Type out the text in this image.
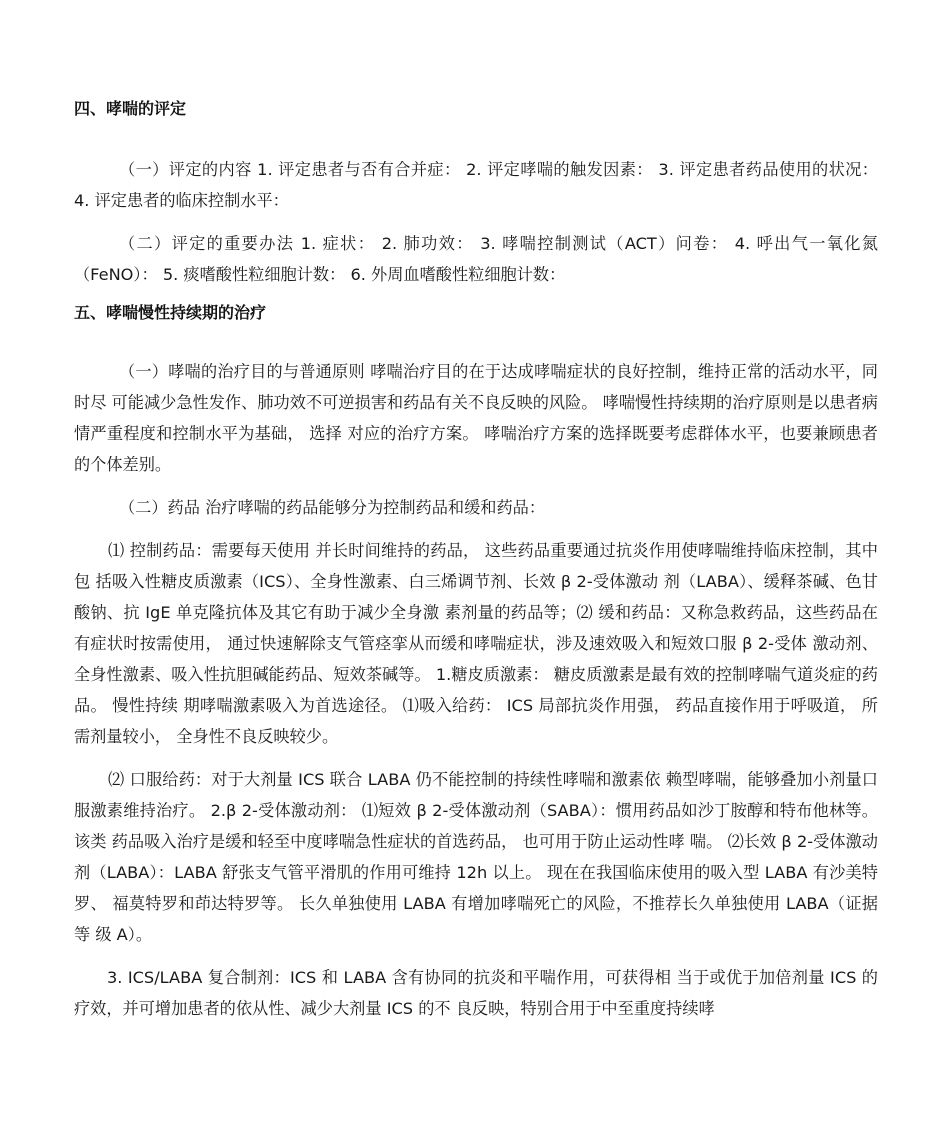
四、哮喘的评定

（一）评定的内容 1. 评定患者与否有合并症： 2. 评定哮喘的触发因素： 3. 评定患者药品使用的状况： 4. 评定患者的临床控制水平：

（二）评定的重要办法 1. 症状： 2. 肺功效： 3. 哮喘控制测试（ACT）问卷： 4. 呼出气一氧化氮（FeNO）： 5. 痰嗜酸性粒细胞计数： 6. 外周血嗜酸性粒细胞计数：

五、哮喘慢性持续期的治疗

（一）哮喘的治疗目的与普通原则 哮喘治疗目的在于达成哮喘症状的良好控制，维持正常的活动水平，同时尽 可能减少急性发作、肺功效不可逆损害和药品有关不良反映的风险。 哮喘慢性持续期的治疗原则是以患者病情严重程度和控制水平为基础， 选择 对应的治疗方案。 哮喘治疗方案的选择既要考虑群体水平，也要兼顾患者的个体差别。

（二）药品 治疗哮喘的药品能够分为控制药品和缓和药品：

⑴ 控制药品：需要每天使用 并长时间维持的药品， 这些药品重要通过抗炎作用使哮喘维持临床控制，其中包 括吸入性糖皮质激素（ICS）、全身性激素、白三烯调节剂、长效 β 2-受体激动 剂（LABA）、缓释茶碱、色甘酸钠、抗 IgE 单克隆抗体及其它有助于减少全身激 素剂量的药品等；⑵ 缓和药品：又称急救药品，这些药品在有症状时按需使用， 通过快速解除支气管痉挛从而缓和哮喘症状，涉及速效吸入和短效口服 β 2-受体 激动剂、全身性激素、吸入性抗胆碱能药品、短效茶碱等。 1.糖皮质激素： 糖皮质激素是最有效的控制哮喘气道炎症的药品。 慢性持续 期哮喘激素吸入为首选途径。 ⑴吸入给药： ICS 局部抗炎作用强， 药品直接作用于呼吸道， 所需剂量较小， 全身性不良反映较少。

⑵ 口服给药：对于大剂量 ICS 联合 LABA 仍不能控制的持续性哮喘和激素依 赖型哮喘，能够叠加小剂量口服激素维持治疗。 2.β 2-受体激动剂： ⑴短效 β 2-受体激动剂（SABA）：惯用药品如沙丁胺醇和特布他林等。该类 药品吸入治疗是缓和轻至中度哮喘急性症状的首选药品， 也可用于防止运动性哮 喘。 ⑵长效 β 2-受体激动剂（LABA）：LABA 舒张支气管平滑肌的作用可维持 12h 以上。 现在在我国临床使用的吸入型 LABA 有沙美特罗、 福莫特罗和茚达特罗等。 长久单独使用 LABA 有增加哮喘死亡的风险，不推荐长久单独使用 LABA（证据等 级 A）。

3. ICS/LABA 复合制剂：ICS 和 LABA 含有协同的抗炎和平喘作用，可获得相 当于或优于加倍剂量 ICS 的疗效，并可增加患者的依从性、减少大剂量 ICS 的不 良反映，特别合用于中至重度持续哮
